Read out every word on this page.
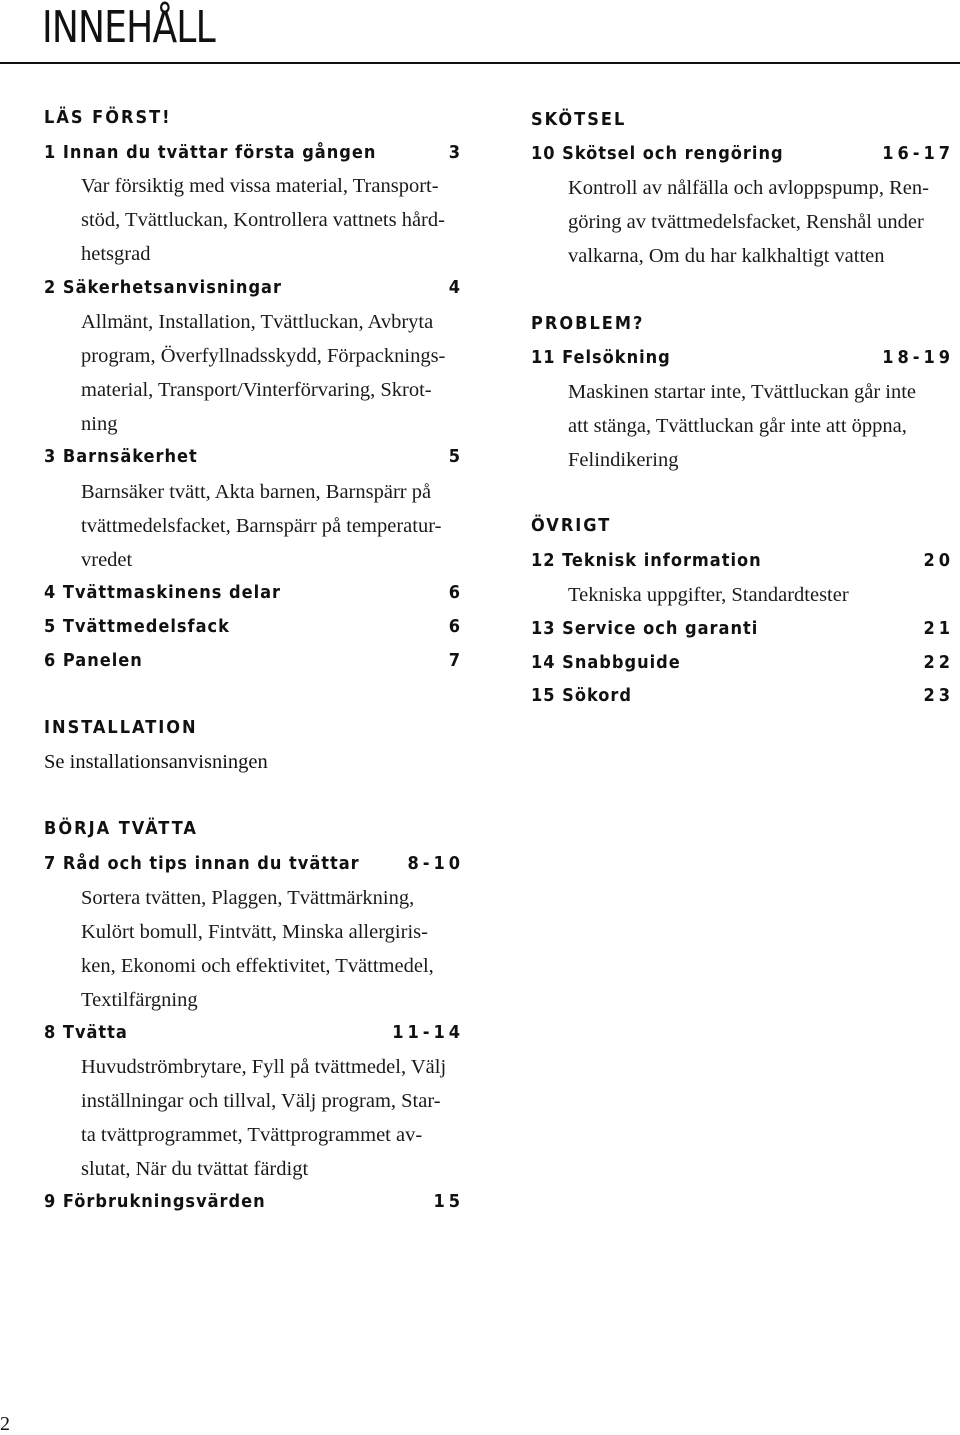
INNEHÅLL
LÄS FÖRST!
1 Innan du tvättar första gången	3
Var försiktig med vissa material, Transport-
stöd, Tvättluckan, Kontrollera vattnets hård-
hetsgrad
2 Säkerhetsanvisningar	4
Allmänt, Installation, Tvättluckan, Avbryta
program, Överfyllnadsskydd, Förpacknings-
material, Transport/Vinterförvaring, Skrot-
ning
3 Barnsäkerhet	5
Barnsäker tvätt, Akta barnen, Barnspärr på
tvättmedelsfacket, Barnspärr på temperatur-
vredet
4 Tvättmaskinens delar	6
5 Tvättmedelsfack	6
6 Panelen	7
INSTALLATION
Se installationsanvisningen
BÖRJA TVÄTTA
7 Råd och tips innan du tvättar	8-10
Sortera tvätten, Plaggen, Tvättmärkning,
Kulört bomull, Fintvätt, Minska allergiris-
ken, Ekonomi och effektivitet, Tvättmedel,
Textilfärgning
8 Tvätta	11-14
Huvudströmbrytare, Fyll på tvättmedel, Välj
inställningar och tillval, Välj program, Star-
ta tvättprogrammet, Tvättprogrammet av-
slutat, När du tvättat färdigt
9 Förbrukningsvärden	15
SKÖTSEL
10 Skötsel och rengöring	16-17
Kontroll av nålfälla och avloppspump, Ren-
göring av tvättmedelsfacket, Renshål under
valkarna, Om du har kalkhaltigt vatten
PROBLEM?
11 Felsökning	18-19
Maskinen startar inte, Tvättluckan går inte
att stänga, Tvättluckan går inte att öppna,
Felindikering
ÖVRIGT
12 Teknisk information	20
Tekniska uppgifter, Standardtester
13 Service och garanti	21
14 Snabbguide	22
15 Sökord	23
2
